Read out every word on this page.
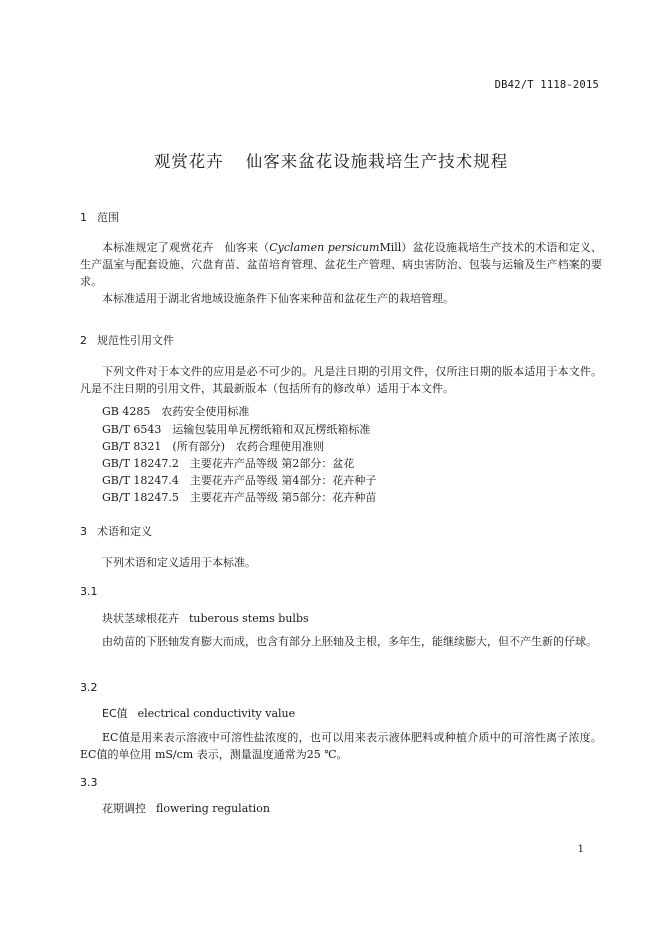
DB42/T 1118-2015
观赏花卉 仙客来盆花设施栽培生产技术规程
1 范围

本标准规定了观赏花卉　仙客来（Cyclamen persicumMill）盆花设施栽培生产技术的术语和定义、生产温室与配套设施、穴盘育苗、盆苗培育管理、盆花生产管理、病虫害防治、包装与运输及生产档案的要求。

本标准适用于湖北省地域设施条件下仙客来种苗和盆花生产的栽培管理。

2 规范性引用文件

下列文件对于本文件的应用是必不可少的。凡是注日期的引用文件，仅所注日期的版本适用于本文件。凡是不注日期的引用文件，其最新版本（包括所有的修改单）适用于本文件。

GB 4285　 农药安全使用标准
GB/T 6543　 运输包装用单瓦楞纸箱和双瓦楞纸箱标准
GB/T 8321　 (所有部分)　农药合理使用准则
GB/T 18247.2　 主要花卉产品等级 第2部分：盆花
GB/T 18247.4　 主要花卉产品等级 第4部分：花卉种子
GB/T 18247.5　 主要花卉产品等级 第5部分：花卉种苗
3 术语和定义
下列术语和定义适用于本标准。
3.1
块状茎球根花卉 tuberous stems bulbs

由幼苗的下胚轴发育膨大而成，也含有部分上胚轴及主根，多年生，能继续膨大，但不产生新的仔球。

3.2
EC值 electrical conductivity value

EC值是用来表示溶液中可溶性盐浓度的，也可以用来表示液体肥料或种植介质中的可溶性离子浓度。EC值的单位用 mS/cm 表示，测量温度通常为25 ℃。

3.3
花期调控 flowering regulation
1
